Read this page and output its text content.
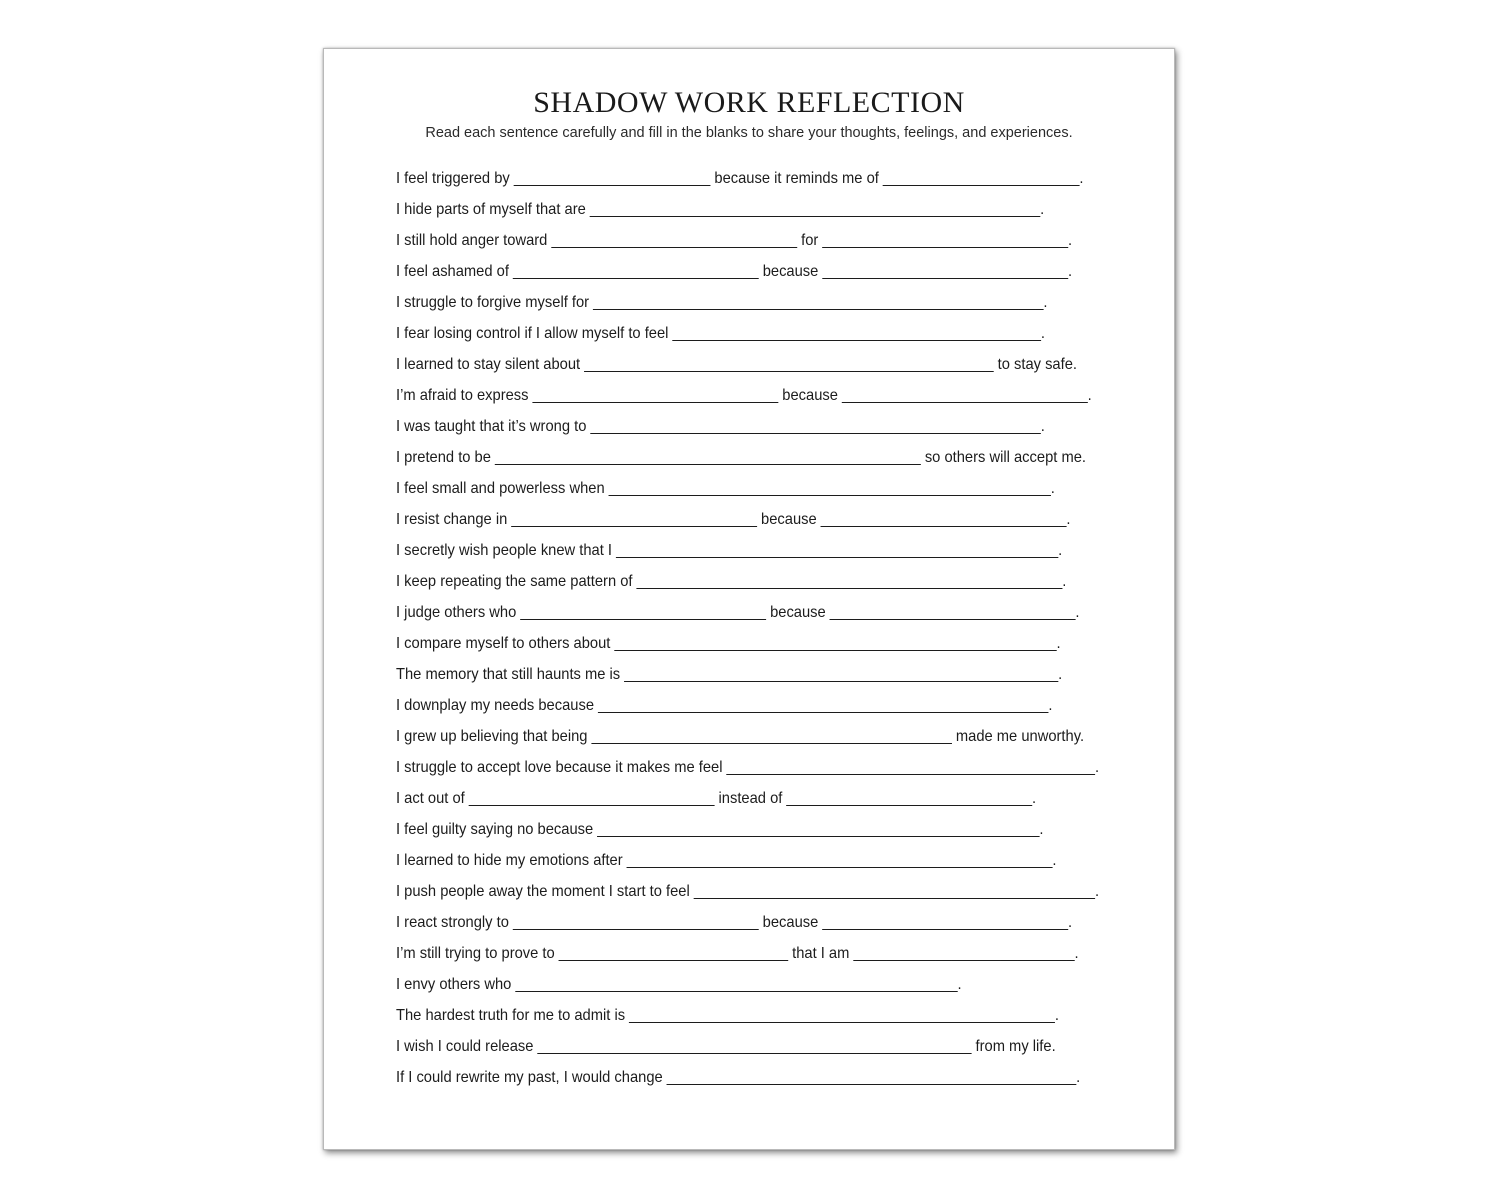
SHADOW WORK REFLECTION

Read each sentence carefully and fill in the blanks to share your thoughts, feelings, and experiences.

I feel triggered by ________________________ because it reminds me of ________________________.
I hide parts of myself that are _______________________________________________________.
I still hold anger toward ______________________________ for ______________________________.
I feel ashamed of ______________________________ because ______________________________.
I struggle to forgive myself for _______________________________________________________.
I fear losing control if I allow myself to feel _____________________________________________.
I learned to stay silent about __________________________________________________ to stay safe.
I’m afraid to express ______________________________ because ______________________________.
I was taught that it’s wrong to _______________________________________________________.
I pretend to be ____________________________________________________ so others will accept me.
I feel small and powerless when ______________________________________________________.
I resist change in ______________________________ because ______________________________.
I secretly wish people knew that I ______________________________________________________.
I keep repeating the same pattern of ____________________________________________________.
I judge others who ______________________________ because ______________________________.
I compare myself to others about ______________________________________________________.
The memory that still haunts me is _____________________________________________________.
I downplay my needs because _______________________________________________________.
I grew up believing that being ____________________________________________ made me unworthy.
I struggle to accept love because it makes me feel _____________________________________________.
I act out of ______________________________ instead of ______________________________.
I feel guilty saying no because ______________________________________________________.
I learned to hide my emotions after ____________________________________________________.
I push people away the moment I start to feel _________________________________________________.
I react strongly to ______________________________ because ______________________________.
I’m still trying to prove to ____________________________ that I am ___________________________.
I envy others who ______________________________________________________.
The hardest truth for me to admit is ____________________________________________________.
I wish I could release _____________________________________________________ from my life.
If I could rewrite my past, I would change __________________________________________________.
